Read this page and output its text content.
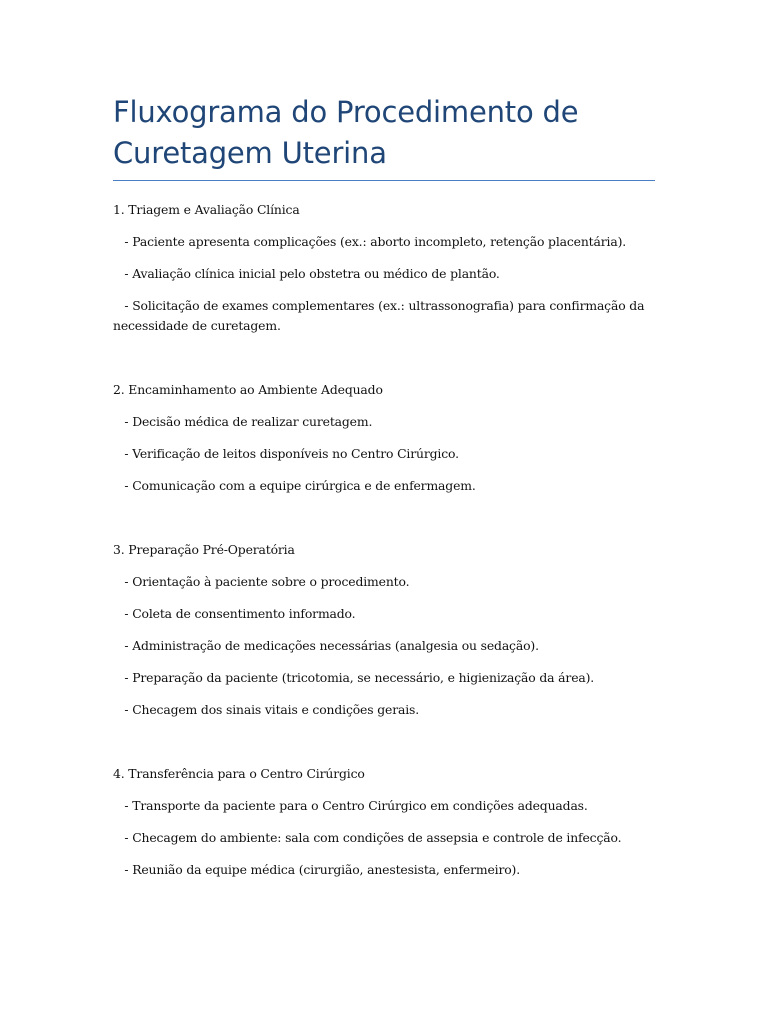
Fluxograma do Procedimento de Curetagem Uterina

1. Triagem e Avaliação Clínica

- Paciente apresenta complicações (ex.: aborto incompleto, retenção placentária).

- Avaliação clínica inicial pelo obstetra ou médico de plantão.

- Solicitação de exames complementares (ex.: ultrassonografia) para confirmação da necessidade de curetagem.

2. Encaminhamento ao Ambiente Adequado

- Decisão médica de realizar curetagem.

- Verificação de leitos disponíveis no Centro Cirúrgico.

- Comunicação com a equipe cirúrgica e de enfermagem.

3. Preparação Pré-Operatória

- Orientação à paciente sobre o procedimento.

- Coleta de consentimento informado.

- Administração de medicações necessárias (analgesia ou sedação).

- Preparação da paciente (tricotomia, se necessário, e higienização da área).

- Checagem dos sinais vitais e condições gerais.

4. Transferência para o Centro Cirúrgico

- Transporte da paciente para o Centro Cirúrgico em condições adequadas.

- Checagem do ambiente: sala com condições de assepsia e controle de infecção.

- Reunião da equipe médica (cirurgião, anestesista, enfermeiro).
